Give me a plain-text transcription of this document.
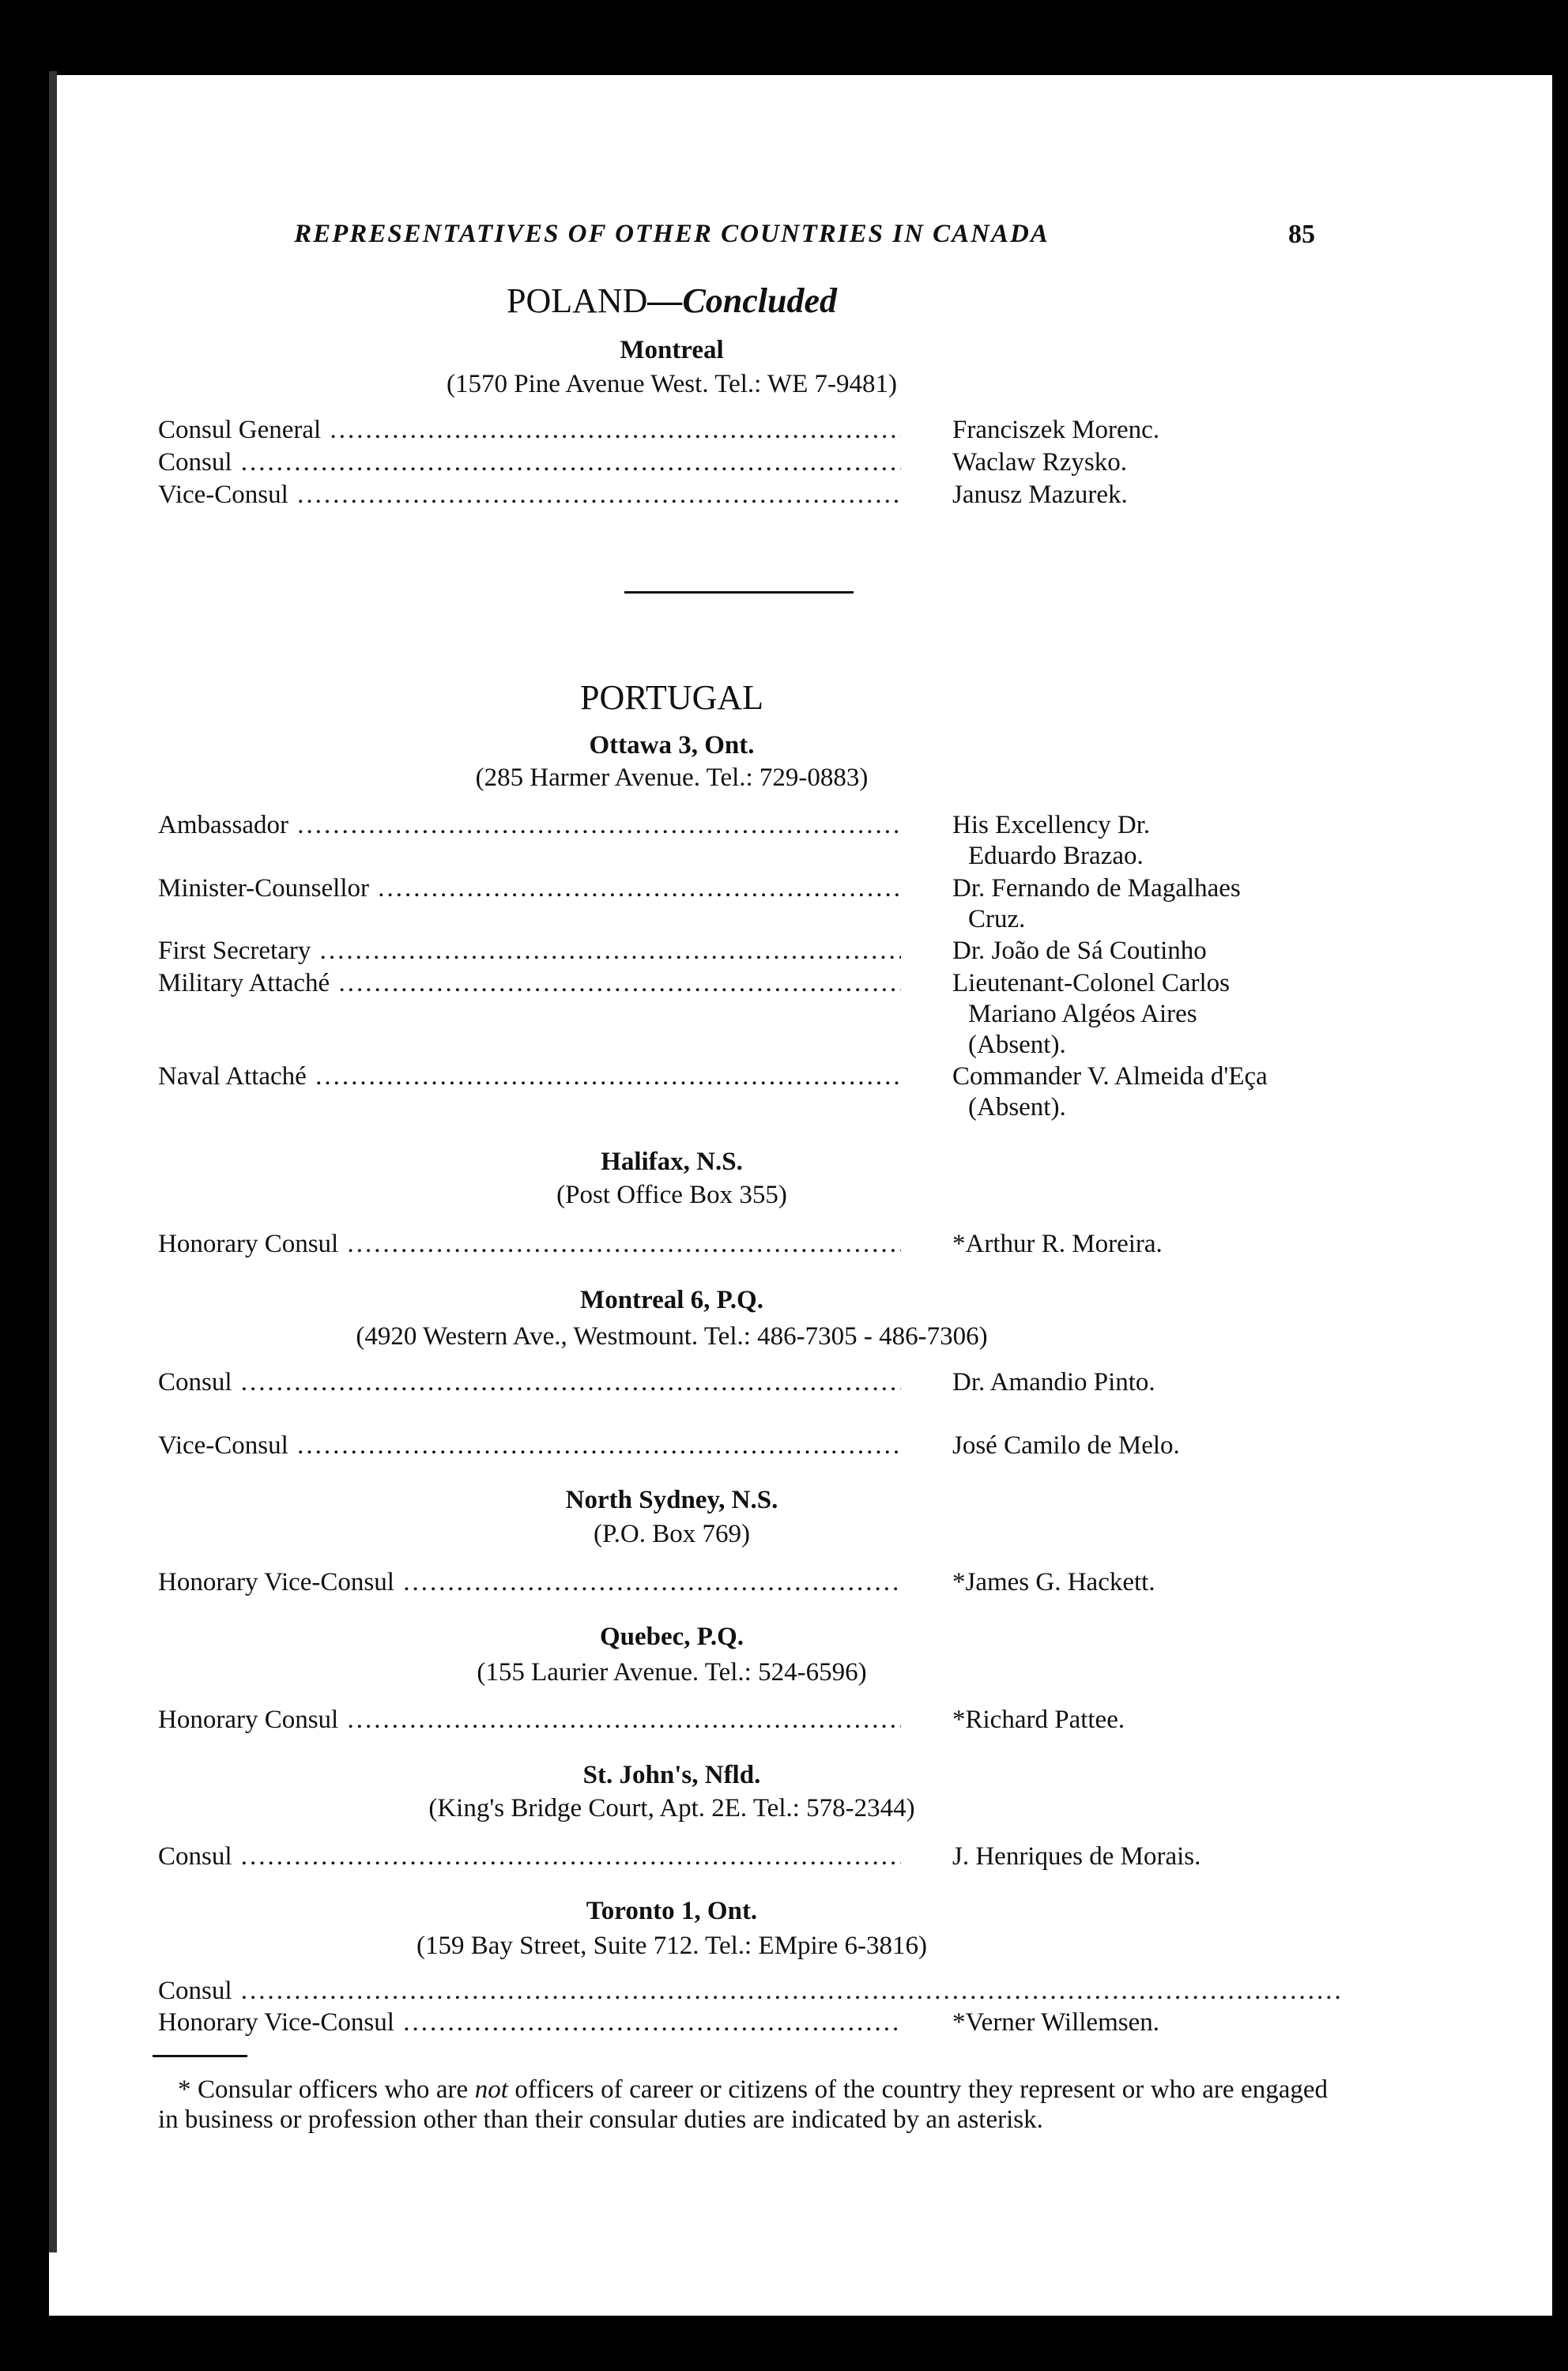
REPRESENTATIVES OF OTHER COUNTRIES IN CANADA	85
POLAND—Concluded
Montreal
(1570 Pine Avenue West. Tel.: WE 7-9481)
Consul General .....	Franciszek Morenc.
Consul .....	Waclaw Rzysko.
Vice-Consul .....	Janusz Mazurek.
PORTUGAL
Ottawa 3, Ont.
(285 Harmer Avenue. Tel.: 729-0883)
Ambassador .....	His Excellency Dr.
Eduardo Brazao.
Minister-Counsellor .....	Dr. Fernando de Magalhaes
Cruz.
First Secretary .....	Dr. João de Sá Coutinho
Military Attaché .....	Lieutenant-Colonel Carlos
Mariano Algéos Aires
(Absent).
Naval Attaché .....	Commander V. Almeida d'Eça
(Absent).
Halifax, N.S.
(Post Office Box 355)
Honorary Consul .....	*Arthur R. Moreira.
Montreal 6, P.Q.
(4920 Western Ave., Westmount. Tel.: 486-7305 - 486-7306)
Consul .....	Dr. Amandio Pinto.
Vice-Consul .....	José Camilo de Melo.
North Sydney, N.S.
(P.O. Box 769)
Honorary Vice-Consul .....	*James G. Hackett.
Quebec, P.Q.
(155 Laurier Avenue. Tel.: 524-6596)
Honorary Consul .....	*Richard Pattee.
St. John's, Nfld.
(King's Bridge Court, Apt. 2E. Tel.: 578-2344)
Consul .....	J. Henriques de Morais.
Toronto 1, Ont.
(159 Bay Street, Suite 712. Tel.: EMpire 6-3816)
Consul .....
Honorary Vice-Consul .....	*Verner Willemsen.
* Consular officers who are not officers of career or citizens of the country they represent or who are engaged in business or profession other than their consular duties are indicated by an asterisk.
